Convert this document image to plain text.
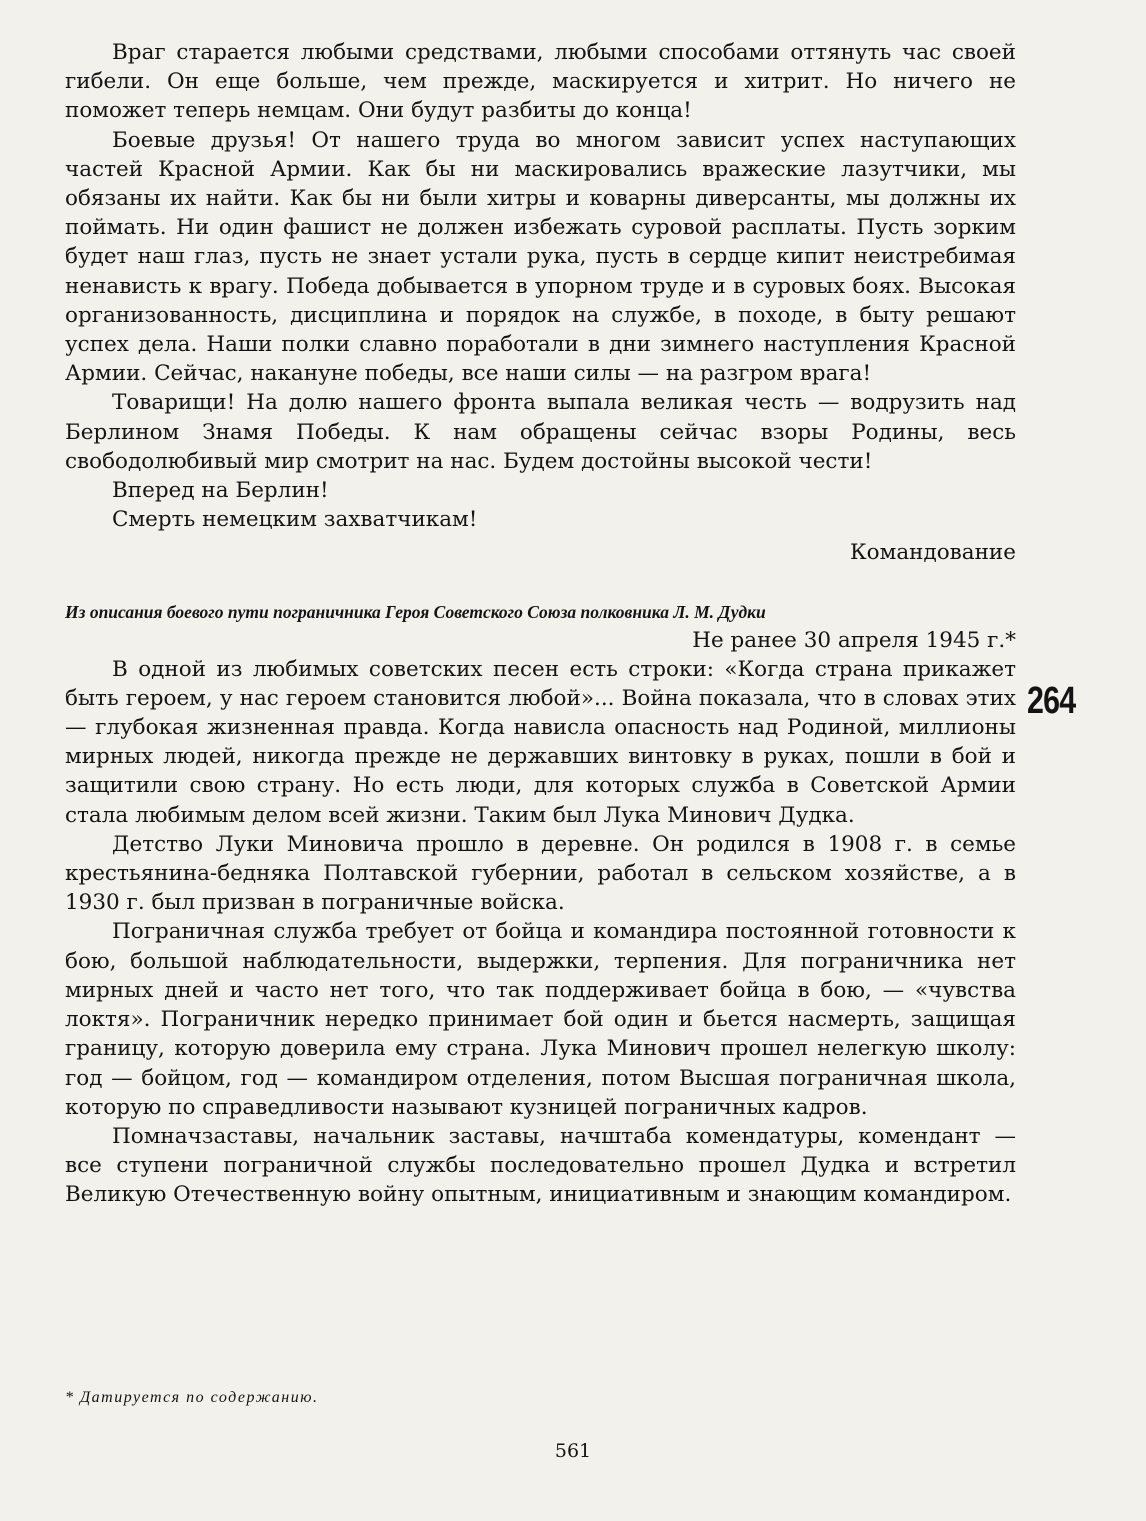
Враг старается любыми средствами, любыми способами оттянуть час своей гибели. Он еще больше, чем прежде, маскируется и хитрит. Но ничего не поможет теперь немцам. Они будут разбиты до конца!

Боевые друзья! От нашего труда во многом зависит успех наступающих частей Красной Армии. Как бы ни маскировались вражеские лазутчики, мы обязаны их найти. Как бы ни были хитры и коварны диверсанты, мы должны их поймать. Ни один фашист не должен избежать суровой расплаты. Пусть зорким будет наш глаз, пусть не знает устали рука, пусть в сердце кипит неистребимая ненависть к врагу. Победа добывается в упорном труде и в суровых боях. Высокая организованность, дисциплина и порядок на службе, в походе, в быту решают успех дела. Наши полки славно поработали в дни зимнего наступления Красной Армии. Сейчас, накануне победы, все наши силы — на разгром врага!

Товарищи! На долю нашего фронта выпала великая честь — водрузить над Берлином Знамя Победы. К нам обращены сейчас взоры Родины, весь свободолюбивый мир смотрит на нас. Будем достойны высокой чести!

Вперед на Берлин!

Смерть немецким захватчикам!

Командование

Из описания боевого пути пограничника Героя Советского Союза полковника Л. М. Дудки

Не ранее 30 апреля 1945 г.*

В одной из любимых советских песен есть строки: «Когда страна прикажет быть героем, у нас героем становится любой»... Война показала, что в словах этих — глубокая жизненная правда. Когда нависла опасность над Родиной, миллионы мирных людей, никогда прежде не державших винтовку в руках, пошли в бой и защитили свою страну. Но есть люди, для которых служба в Советской Армии стала любимым делом всей жизни. Таким был Лука Минович Дудка.

Детство Луки Миновича прошло в деревне. Он родился в 1908 г. в семье крестьянина-бедняка Полтавской губернии, работал в сельском хозяйстве, а в 1930 г. был призван в пограничные войска.

Пограничная служба требует от бойца и командира постоянной готовности к бою, большой наблюдательности, выдержки, терпения. Для пограничника нет мирных дней и часто нет того, что так поддерживает бойца в бою, — «чувства локтя». Пограничник нередко принимает бой один и бьется насмерть, защищая границу, которую доверила ему страна. Лука Минович прошел нелегкую школу: год — бойцом, год — командиром отделения, потом Высшая пограничная школа, которую по справедливости называют кузницей пограничных кадров.

Помначзаставы, начальник заставы, начштаба комендатуры, комендант — все ступени пограничной службы последовательно прошел Дудка и встретил Великую Отечественную войну опытным, инициативным и знающим командиром.

264
* Датируется по содержанию.
561
